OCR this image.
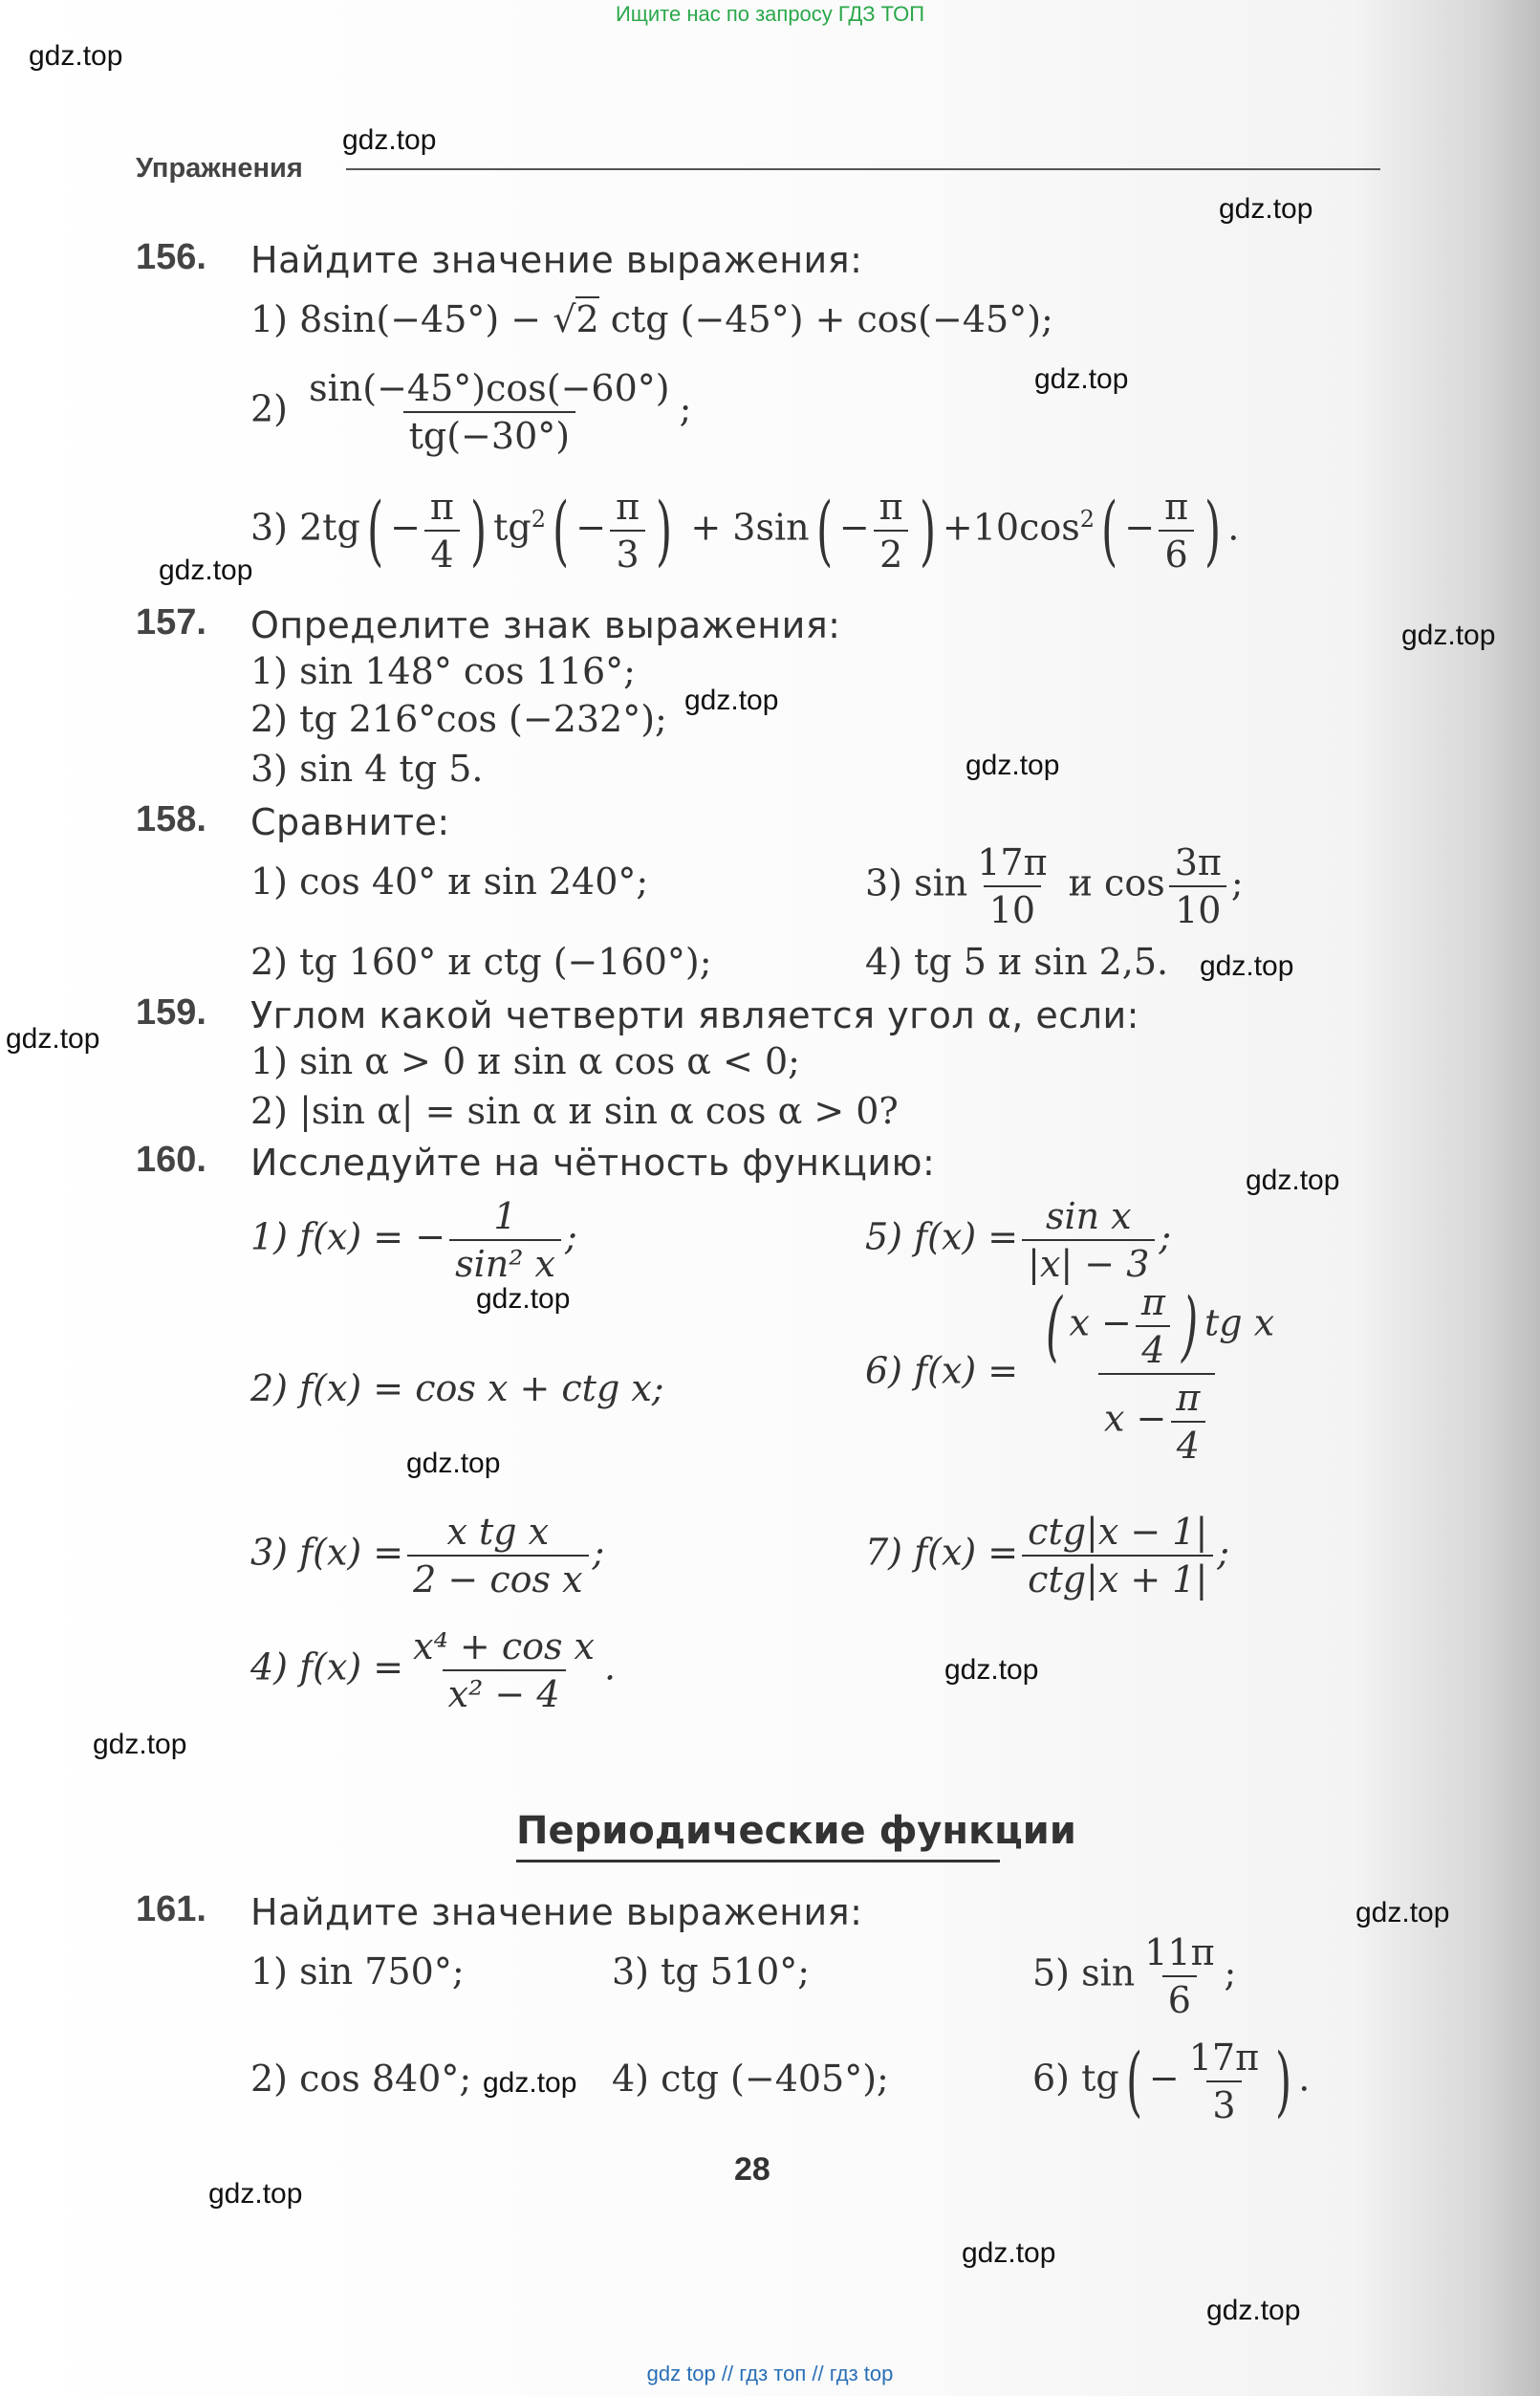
Ищите нас по запросу ГДЗ ТОП
gdz.top
gdz.top
gdz.top
gdz.top
gdz.top
gdz.top
gdz.top
gdz.top
gdz.top
gdz.top
gdz.top
gdz.top
gdz.top
gdz.top
gdz.top
gdz.top
gdz.top
gdz.top
gdz.top
gdz.top
Упражнения
156. Найдите значение выражения:
1) 8sin(−45°) − √2 ctg (−45°) + cos(−45°);
$2) \frac{\sin(-45^\circ)\cos(-60^\circ)}{tg(-30^\circ)}$ ;
3) $2tg( - \frac{\pi}{4}$ ) $tg^2( - \frac{\pi}{3}$ ) + $3\sin( - \frac{\pi}{2}$ ) $+10\cos^2( - \frac{\pi}{6}$ ) .
157. Определите знак выражения:
1) sin 148° cos 116°;
2) tg 216°cos (−232°);
3) sin 4 tg 5.
158. Сравните:
1) cos 40° и sin 240°;	3) $\sin \frac{17\pi}{10}$ и $\cos \frac{3\pi}{10}$ ;
2) tg 160° и ctg (−160°);	4) tg 5 и sin 2,5.
159. Углом какой четверти является угол α, если:
1) sin α > 0 и sin α cos α < 0;
2) |sin α| = sin α и sin α cos α > 0?
160. Исследуйте на чётность функцию:
1) f(x) = − $\frac{1}{\text{sin² x}}$ ;	5) $f(x) = \frac{\text{sin x}}{|x| - 3}$ ;
2) f(x) = cos x + ctg x;	6) $f(x) = \frac{( x - \frac{\pi}{4} ) tg x}{x - \frac{\pi}{4}}$
3) $f(x) = \frac{\text{x tg x}}{\text{2 − cos x}}$ ;	7) $f(x) = \frac{\text{ctg|x − 1|}}{\text{ctg|x + 1|}}$ ;
4) $f(x) = \frac{\text{x⁴ + cos x}}{\text{x² − 4}}$ .
Периодические функции
161. Найдите значение выражения:
1) sin 750°;	3) tg 510°;	5) $\sin \frac{11\pi}{6}$ ;
2) cos 840°;	4) ctg (−405°);	6) $tg( - \frac{17\pi}{3}$ ) .
28
gdz top // гдз топ // гдз top
